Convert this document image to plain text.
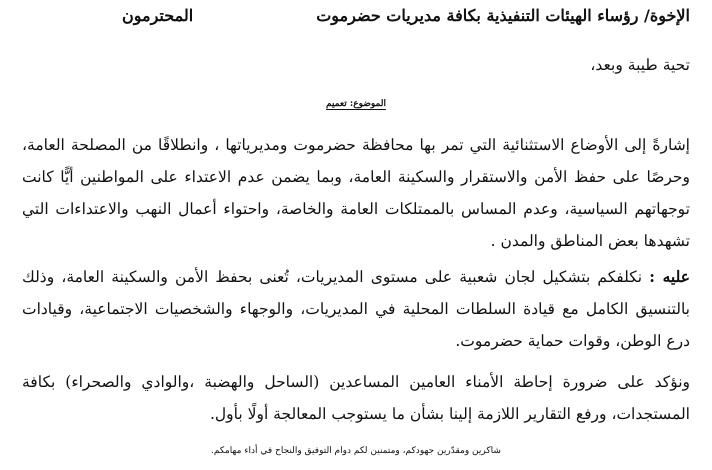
الإخوة/ رؤساء الهيئات التنفيذية بكافة مديريات حضرموت
المحترمون
تحية طيبة وبعد،
الموضوع: تعميم
إشارةً إلى الأوضاع الاستثنائية التي تمر بها محافظة حضرموت ومديرياتها ، وانطلاقًا من المصلحة العامة،
وحرصًا على حفظ الأمن والاستقرار والسكينة العامة، وبما يضمن عدم الاعتداء على المواطنين أيًّا كانت
توجهاتهم السياسية، وعدم المساس بالممتلكات العامة والخاصة، واحتواء أعمال النهب والاعتداءات التي
تشهدها بعض المناطق والمدن .
عليه : نكلفكم بتشكيل لجان شعبية على مستوى المديريات، تُعنى بحفظ الأمن والسكينة العامة، وذلك
بالتنسيق الكامل مع قيادة السلطات المحلية في المديريات، والوجهاء والشخصيات الاجتماعية، وقيادات
درع الوطن، وقوات حماية حضرموت.
ونؤكد على ضرورة إحاطة الأمناء العامين المساعدين (الساحل والهضبة ،والوادي والصحراء) بكافة
المستجدات، ورفع التقارير اللازمة إلينا بشأن ما يستوجب المعالجة أولًا بأول.
شاكرين ومقدّرين جهودكم، ومتمنين لكم دوام التوفيق والنجاح في أداء مهامكم.
